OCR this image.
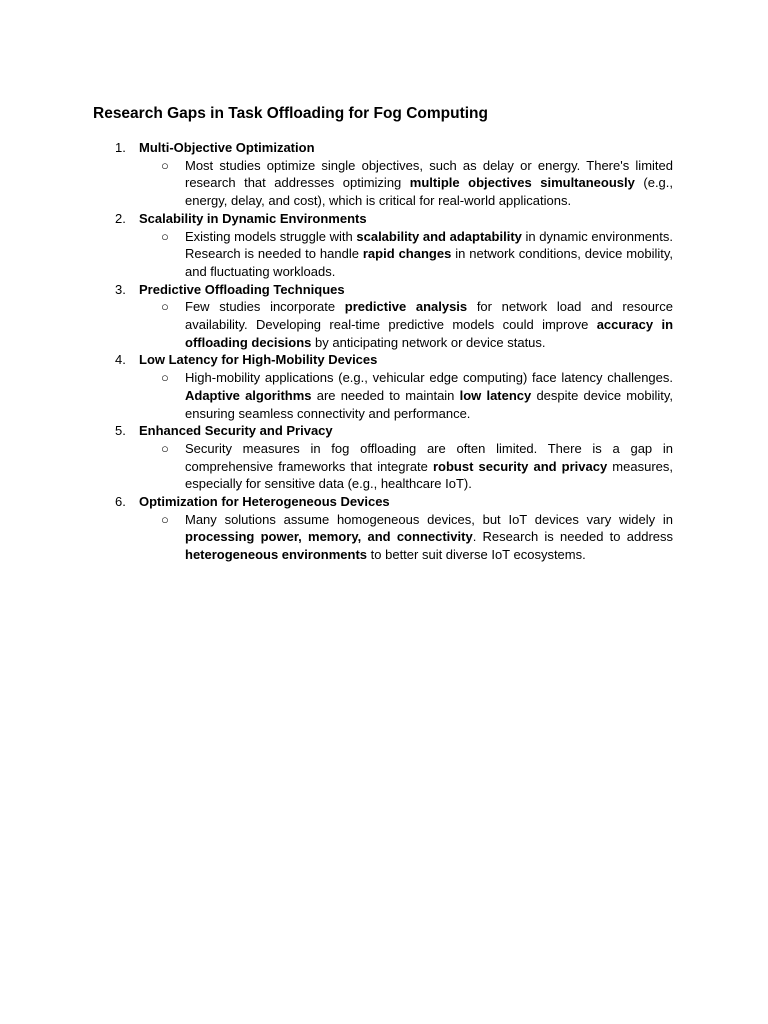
Research Gaps in Task Offloading for Fog Computing
1.	Multi-Objective Optimization
○ Most studies optimize single objectives, such as delay or energy. There's limited research that addresses optimizing multiple objectives simultaneously (e.g., energy, delay, and cost), which is critical for real-world applications.
2.	Scalability in Dynamic Environments
○ Existing models struggle with scalability and adaptability in dynamic environments. Research is needed to handle rapid changes in network conditions, device mobility, and fluctuating workloads.
3.	Predictive Offloading Techniques
○ Few studies incorporate predictive analysis for network load and resource availability. Developing real-time predictive models could improve accuracy in offloading decisions by anticipating network or device status.
4.	Low Latency for High-Mobility Devices
○ High-mobility applications (e.g., vehicular edge computing) face latency challenges. Adaptive algorithms are needed to maintain low latency despite device mobility, ensuring seamless connectivity and performance.
5.	Enhanced Security and Privacy
○ Security measures in fog offloading are often limited. There is a gap in comprehensive frameworks that integrate robust security and privacy measures, especially for sensitive data (e.g., healthcare IoT).
6.	Optimization for Heterogeneous Devices
○ Many solutions assume homogeneous devices, but IoT devices vary widely in processing power, memory, and connectivity. Research is needed to address heterogeneous environments to better suit diverse IoT ecosystems.
